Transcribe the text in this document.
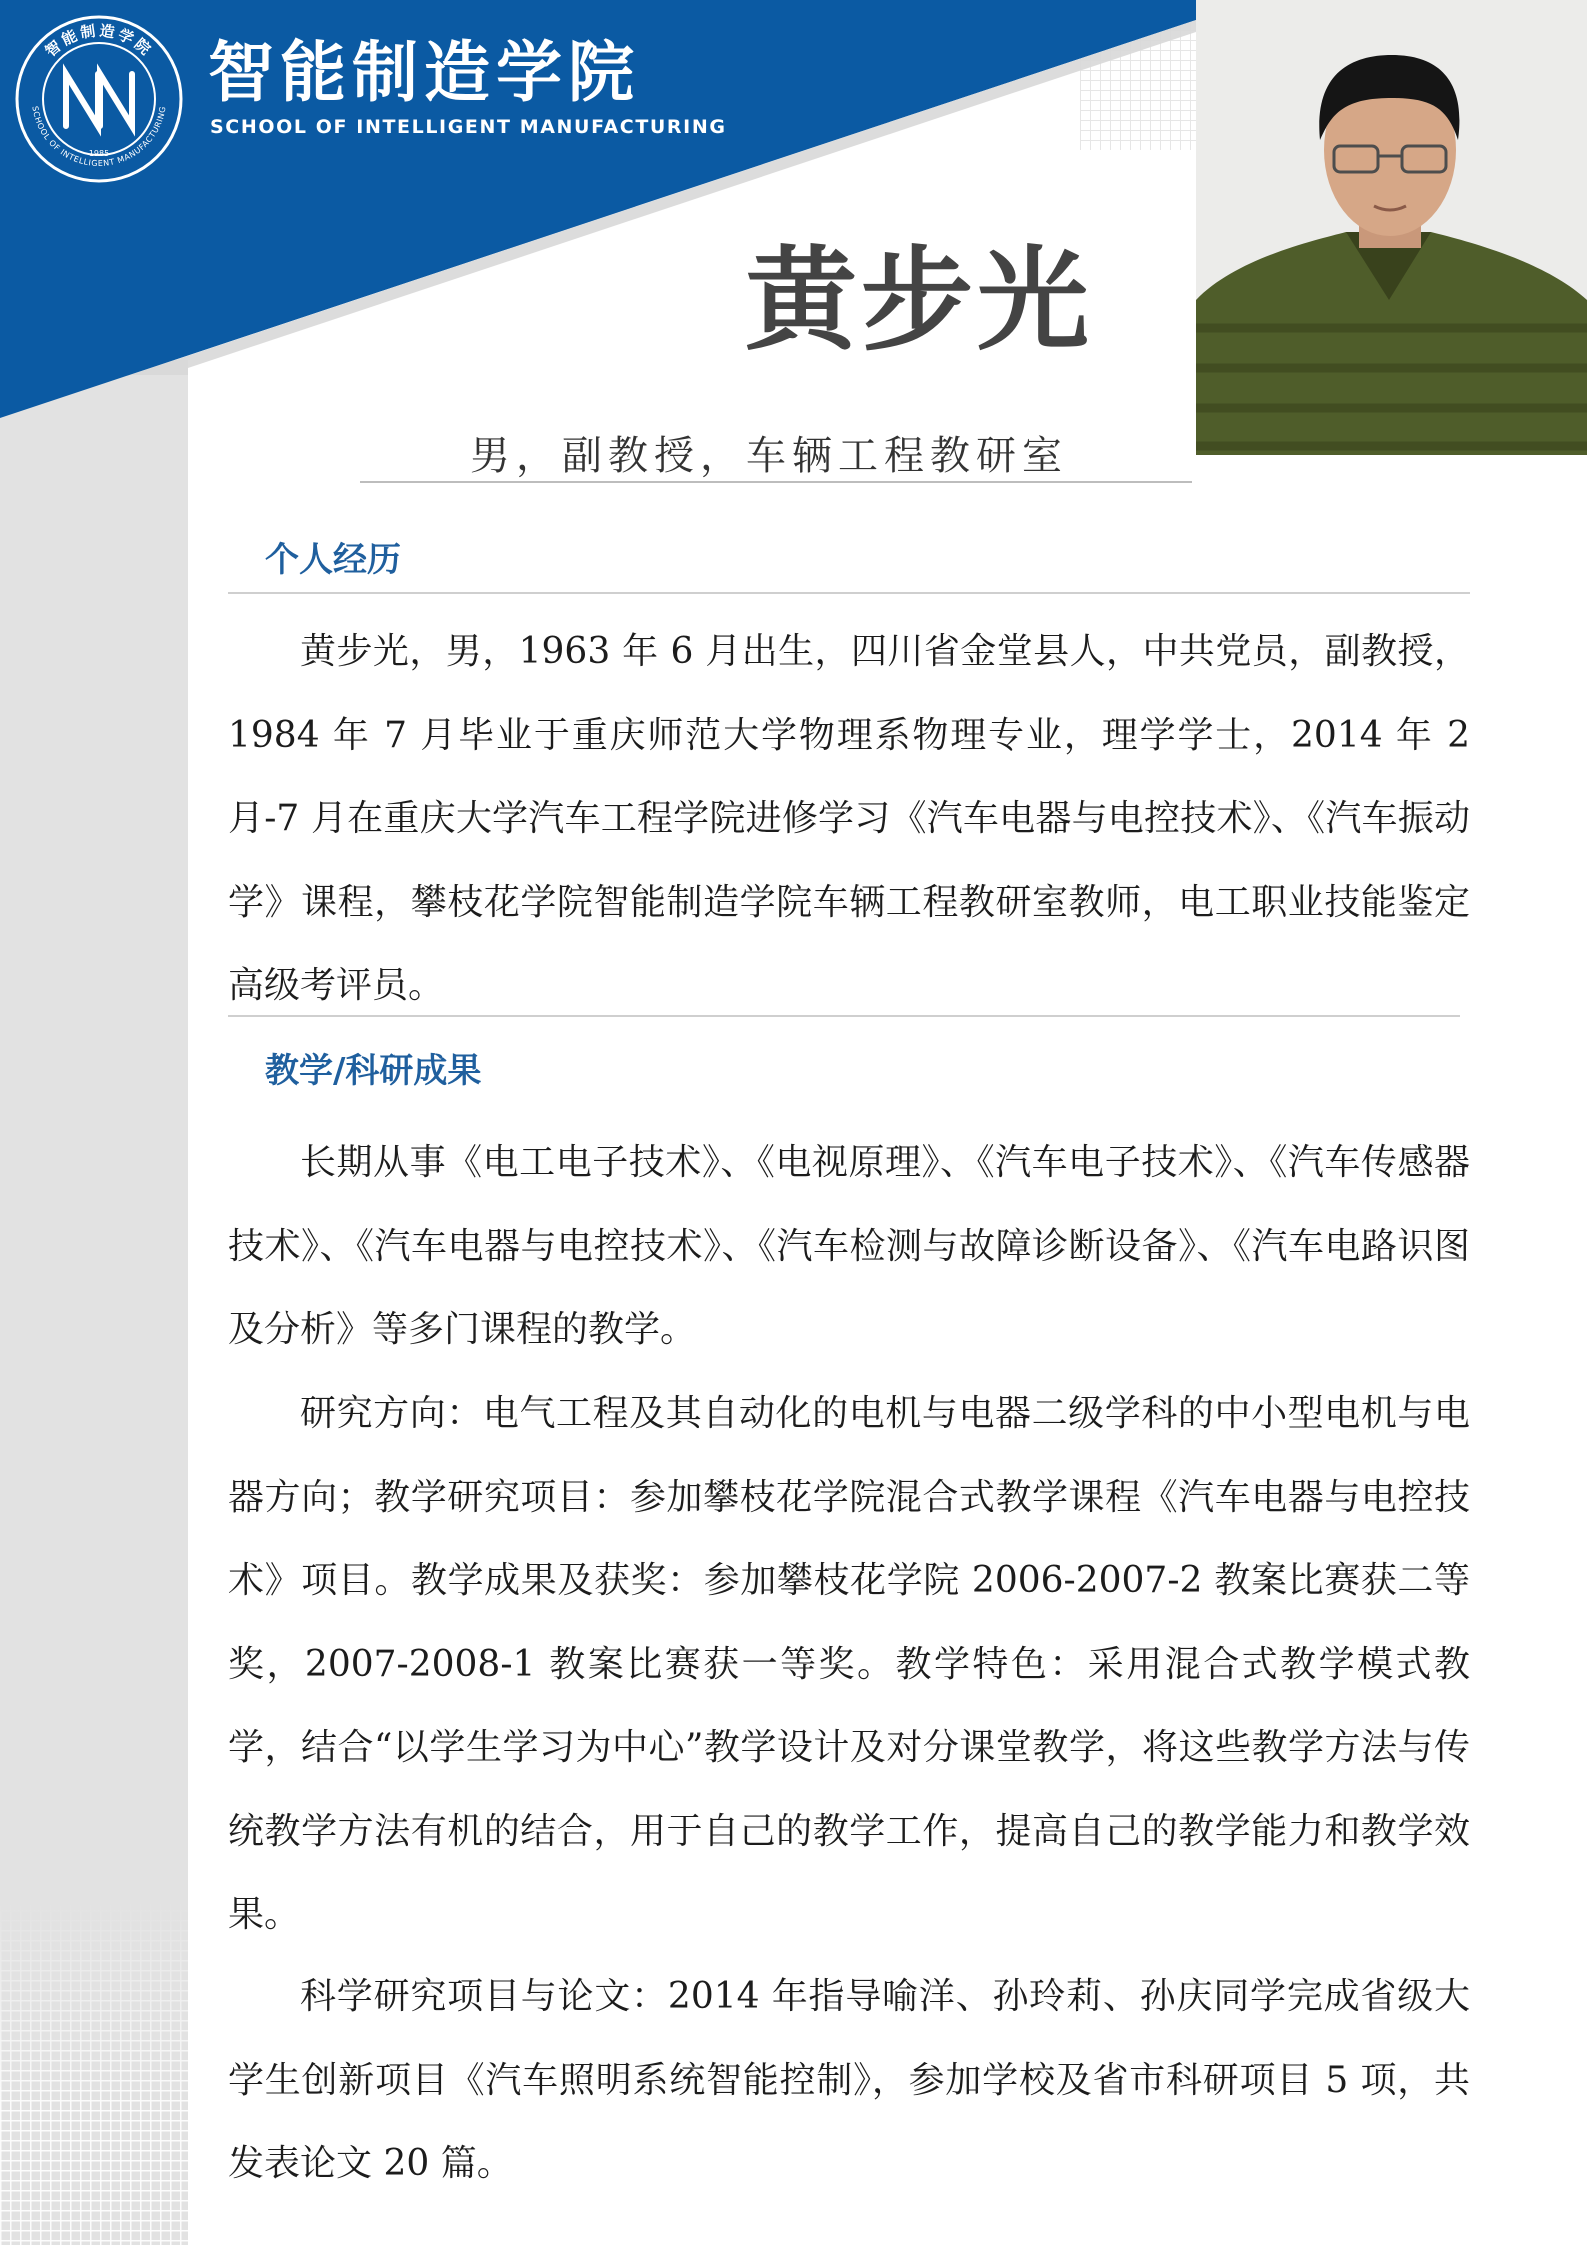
智能制造学院
SCHOOL OF INTELLIGENT MANUFACTURING
1985
智能制造学院
SCHOOL OF INTELLIGENT MANUFACTURING
黄步光
男，副教授，车辆工程教研室
个人经历

黄步光，男，1963 年 6 月出生，四川省金堂县人，中共党员，副教授，1984 年 7 月毕业于重庆师范大学物理系物理专业，理学学士，2014 年 2 月-7 月在重庆大学汽车工程学院进修学习《汽车电器与电控技术》、《汽车振动学》课程，攀枝花学院智能制造学院车辆工程教研室教师，电工职业技能鉴定高级考评员。

教学/科研成果

长期从事《电工电子技术》、《电视原理》、《汽车电子技术》、《汽车传感器技术》、《汽车电器与电控技术》、《汽车检测与故障诊断设备》、《汽车电路识图及分析》等多门课程的教学。

研究方向：电气工程及其自动化的电机与电器二级学科的中小型电机与电器方向；教学研究项目：参加攀枝花学院混合式教学课程《汽车电器与电控技术》项目。教学成果及获奖：参加攀枝花学院 2006-2007-2 教案比赛获二等奖，2007-2008-1 教案比赛获一等奖。教学特色：采用混合式教学模式教学，结合“以学生学习为中心”教学设计及对分课堂教学，将这些教学方法与传统教学方法有机的结合，用于自己的教学工作，提高自己的教学能力和教学效果。

科学研究项目与论文：2014 年指导喻洋、孙玲莉、孙庆同学完成省级大学生创新项目《汽车照明系统智能控制》，参加学校及省市科研项目 5 项，共发表论文 20 篇。
